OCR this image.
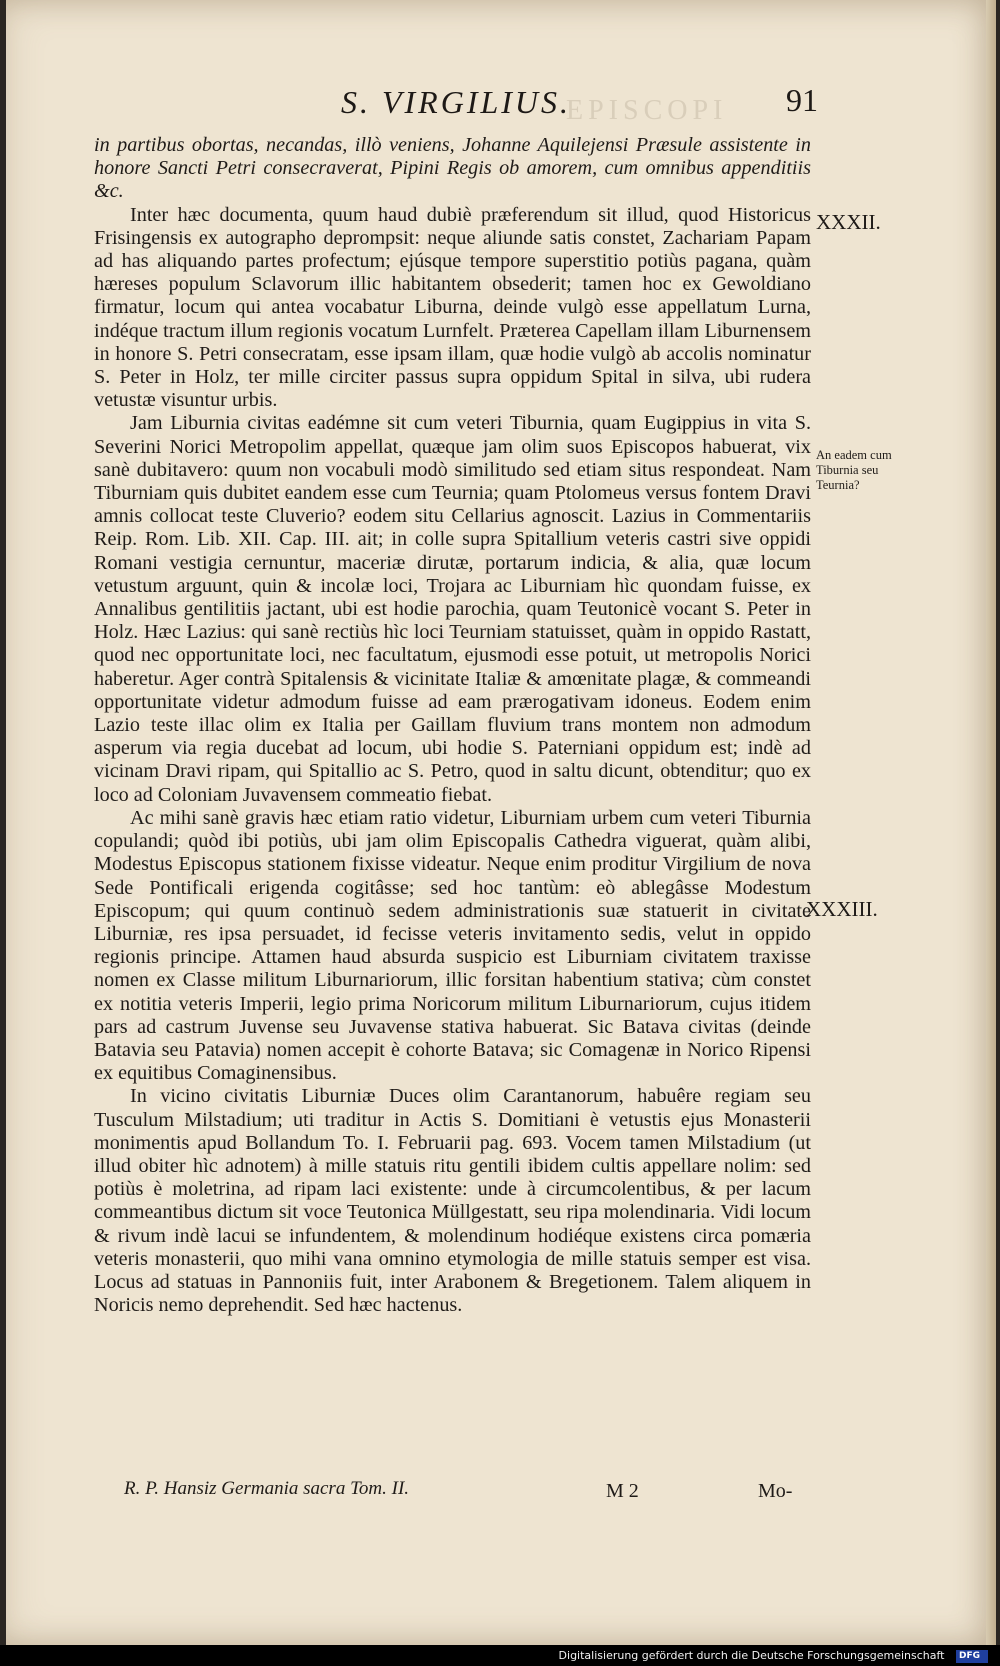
EPISCOPI
S. VIRGILIUS.	91

in partibus obortas, necandas, illò veniens, Johanne Aquilejensi Præsule assistente in honore Sancti Petri consecraverat, Pipini Regis ob amorem, cum omnibus appenditiis &c.

Inter hæc documenta, quum haud dubiè præferendum sit illud, quod Historicus Frisingensis ex autographo deprompsit: neque aliunde satis constet, Zachariam Papam ad has aliquando partes profectum; ejúsque tempore superstitio potiùs pagana, quàm hæreses populum Sclavorum illic habitantem obsederit; tamen hoc ex Gewoldiano firmatur, locum qui antea vocabatur Liburna, deinde vulgò esse appellatum Lurna, indéque tractum illum regionis vocatum Lurnfelt. Præterea Capellam illam Liburnensem in honore S. Petri consecratam, esse ipsam illam, quæ hodie vulgò ab accolis nominatur S. Peter in Holz, ter mille circiter passus supra oppidum Spital in silva, ubi rudera vetustæ visuntur urbis.

Jam Liburnia civitas eadémne sit cum veteri Tiburnia, quam Eugippius in vita S. Severini Norici Metropolim appellat, quæque jam olim suos Episcopos habuerat, vix sanè dubitavero: quum non vocabuli modò similitudo sed etiam situs respondeat. Nam Tiburniam quis dubitet eandem esse cum Teurnia; quam Ptolomeus versus fontem Dravi amnis collocat teste Cluverio? eodem situ Cellarius agnoscit. Lazius in Commentariis Reip. Rom. Lib. XII. Cap. III. ait; in colle supra Spitallium veteris castri sive oppidi Romani vestigia cernuntur, maceriæ dirutæ, portarum indicia, & alia, quæ locum vetustum arguunt, quin & incolæ loci, Trojara ac Liburniam hìc quondam fuisse, ex Annalibus gentilitiis jactant, ubi est hodie parochia, quam Teutonicè vocant S. Peter in Holz. Hæc Lazius: qui sanè rectiùs hìc loci Teurniam statuisset, quàm in oppido Rastatt, quod nec opportunitate loci, nec facultatum, ejusmodi esse potuit, ut metropolis Norici haberetur. Ager contrà Spitalensis & vicinitate Italiæ & amœnitate plagæ, & commeandi opportunitate videtur admodum fuisse ad eam prærogativam idoneus. Eodem enim Lazio teste illac olim ex Italia per Gaillam fluvium trans montem non admodum asperum via regia ducebat ad locum, ubi hodie S. Paterniani oppidum est; indè ad vicinam Dravi ripam, qui Spitallio ac S. Petro, quod in saltu dicunt, obtenditur; quo ex loco ad Coloniam Juvavensem commeatio fiebat.

Ac mihi sanè gravis hæc etiam ratio videtur, Liburniam urbem cum veteri Tiburnia copulandi; quòd ibi potiùs, ubi jam olim Episcopalis Cathedra viguerat, quàm alibi, Modestus Episcopus stationem fixisse videatur. Neque enim proditur Virgilium de nova Sede Pontificali erigenda cogitâsse; sed hoc tantùm: eò ablegâsse Modestum Episcopum; qui quum continuò sedem administrationis suæ statuerit in civitate Liburniæ, res ipsa persuadet, id fecisse veteris invitamento sedis, velut in oppido regionis principe. Attamen haud absurda suspicio est Liburniam civitatem traxisse nomen ex Classe militum Liburnariorum, illic forsitan habentium stativa; cùm constet ex notitia veteris Imperii, legio prima Noricorum militum Liburnariorum, cujus itidem pars ad castrum Juvense seu Juvavense stativa habuerat. Sic Batava civitas (deinde Batavia seu Patavia) nomen accepit è cohorte Batava; sic Comagenæ in Norico Ripensi ex equitibus Comaginensibus.

In vicino civitatis Liburniæ Duces olim Carantanorum, habuêre regiam seu Tusculum Milstadium; uti traditur in Actis S. Domitiani è vetustis ejus Monasterii monimentis apud Bollandum To. I. Februarii pag. 693. Vocem tamen Milstadium (ut illud obiter hìc adnotem) à mille statuis ritu gentili ibidem cultis appellare nolim: sed potiùs è moletrina, ad ripam laci existente: unde à circumcolentibus, & per lacum commeantibus dictum sit voce Teutonica Müllgestatt, seu ripa molendinaria. Vidi locum & rivum indè lacui se infundentem, & molendinum hodiéque existens circa pomæria veteris monasterii, quo mihi vana omnino etymologia de mille statuis semper est visa. Locus ad statuas in Pannoniis fuit, inter Arabonem & Bregetionem. Talem aliquem in Noricis nemo deprehendit. Sed hæc hactenus.

XXXII.
An eadem cum Tiburnia seu Teurnia?
XXXIII.
R. P. Hansiz Germania sacra Tom. II.	M 2	Mo-
Digitalisierung gefördert durch die Deutsche Forschungsgemeinschaft DFG
